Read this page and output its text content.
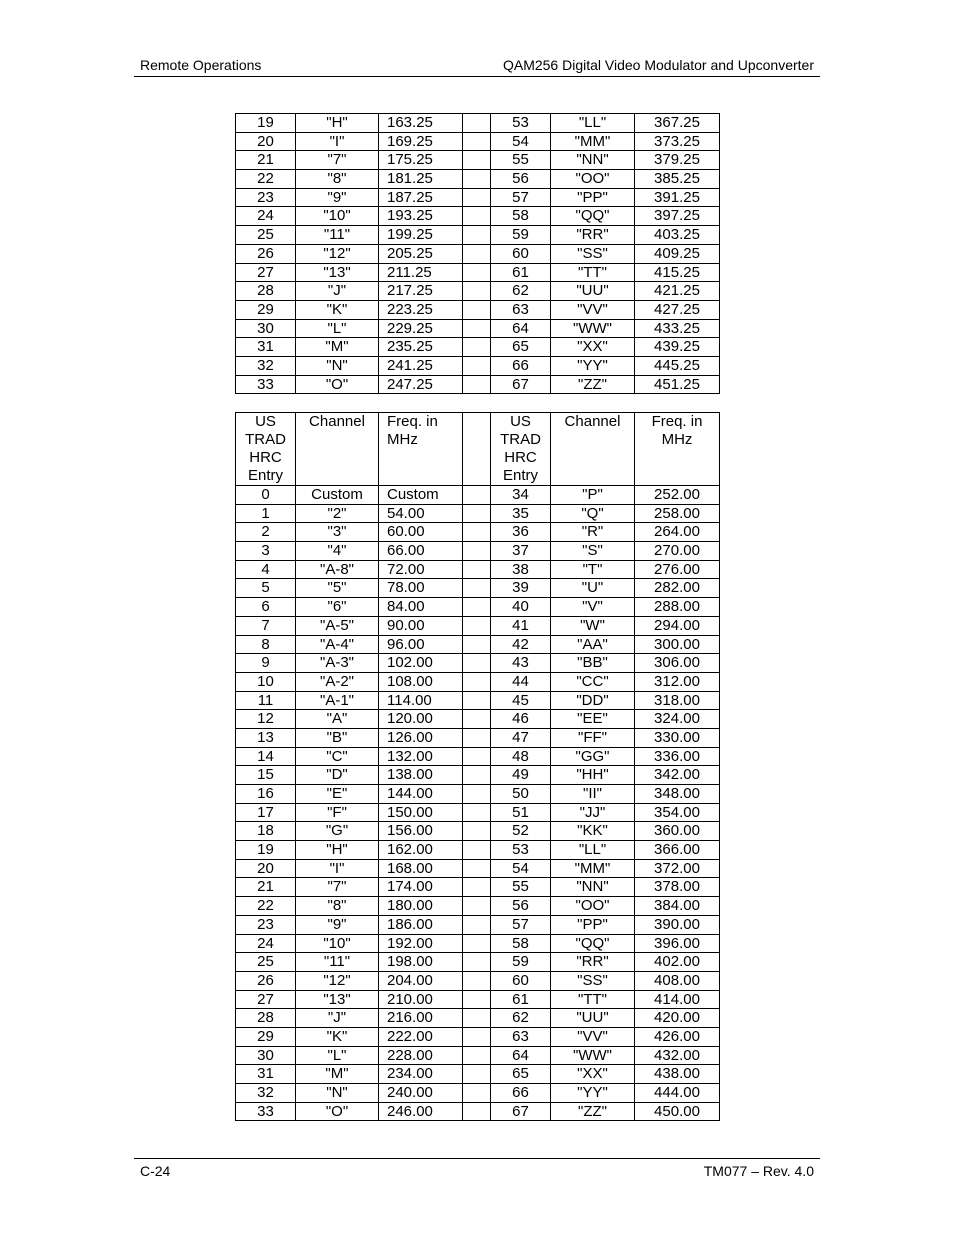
Remote Operations	QAM256 Digital Video Modulator and Upconverter
19	"H"	163.25		53	"LL"	367.25
20	"I"	169.25		54	"MM"	373.25
21	"7"	175.25		55	"NN"	379.25
22	"8"	181.25		56	"OO"	385.25
23	"9"	187.25		57	"PP"	391.25
24	"10"	193.25		58	"QQ"	397.25
25	"11"	199.25		59	"RR"	403.25
26	"12"	205.25		60	"SS"	409.25
27	"13"	211.25		61	"TT"	415.25
28	"J"	217.25		62	"UU"	421.25
29	"K"	223.25		63	"VV"	427.25
30	"L"	229.25		64	"WW"	433.25
31	"M"	235.25		65	"XX"	439.25
32	"N"	241.25		66	"YY"	445.25
33	"O"	247.25		67	"ZZ"	451.25
US TRAD HRC Entry	Channel	Freq. in MHz		US TRAD HRC Entry	Channel	Freq. in MHz
0	Custom	Custom		34	"P"	252.00
1	"2"	54.00		35	"Q"	258.00
2	"3"	60.00		36	"R"	264.00
3	"4"	66.00		37	"S"	270.00
4	"A-8"	72.00		38	"T"	276.00
5	"5"	78.00		39	"U"	282.00
6	"6"	84.00		40	"V"	288.00
7	"A-5"	90.00		41	"W"	294.00
8	"A-4"	96.00		42	"AA"	300.00
9	"A-3"	102.00		43	"BB"	306.00
10	"A-2"	108.00		44	"CC"	312.00
11	"A-1"	114.00		45	"DD"	318.00
12	"A"	120.00		46	"EE"	324.00
13	"B"	126.00		47	"FF"	330.00
14	"C"	132.00		48	"GG"	336.00
15	"D"	138.00		49	"HH"	342.00
16	"E"	144.00		50	"II"	348.00
17	"F"	150.00		51	"JJ"	354.00
18	"G"	156.00		52	"KK"	360.00
19	"H"	162.00		53	"LL"	366.00
20	"I"	168.00		54	"MM"	372.00
21	"7"	174.00		55	"NN"	378.00
22	"8"	180.00		56	"OO"	384.00
23	"9"	186.00		57	"PP"	390.00
24	"10"	192.00		58	"QQ"	396.00
25	"11"	198.00		59	"RR"	402.00
26	"12"	204.00		60	"SS"	408.00
27	"13"	210.00		61	"TT"	414.00
28	"J"	216.00		62	"UU"	420.00
29	"K"	222.00		63	"VV"	426.00
30	"L"	228.00		64	"WW"	432.00
31	"M"	234.00		65	"XX"	438.00
32	"N"	240.00		66	"YY"	444.00
33	"O"	246.00		67	"ZZ"	450.00
C-24	TM077 – Rev. 4.0
